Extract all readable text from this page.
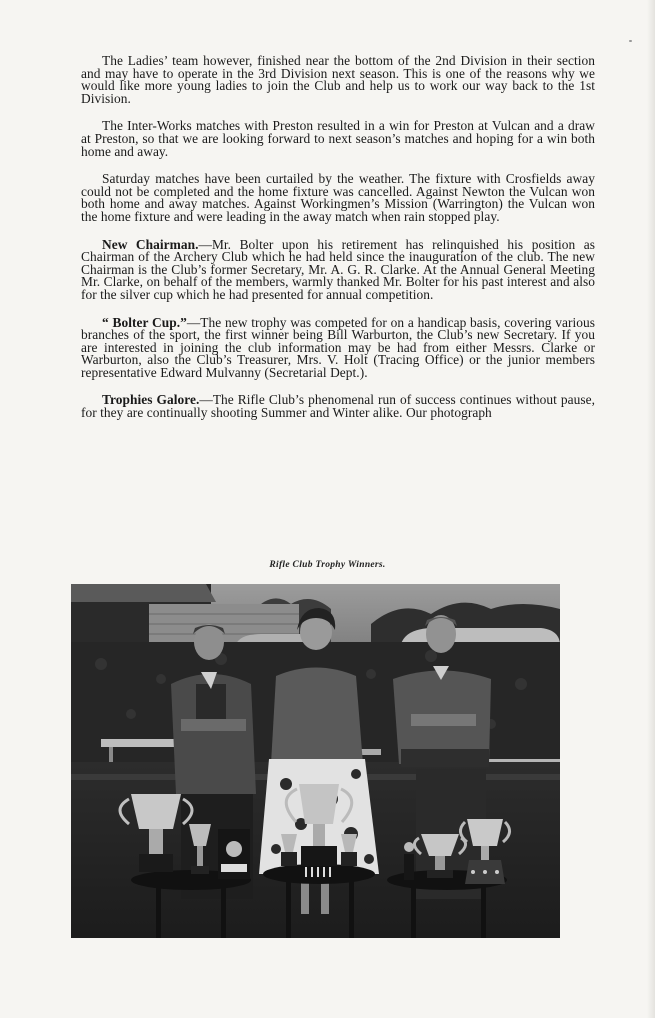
The Ladies’ team however, finished near the bottom of the 2nd Division in their section and may have to operate in the 3rd Division next season. This is one of the reasons why we would like more young ladies to join the Club and help us to work our way back to the 1st Division.

The Inter-Works matches with Preston resulted in a win for Preston at Vulcan and a draw at Preston, so that we are looking forward to next season’s matches and hoping for a win both home and away.

Saturday matches have been curtailed by the weather. The fixture with Crosfields away could not be completed and the home fixture was cancelled. Against Newton the Vulcan won both home and away matches. Against Workingmen’s Mission (Warrington) the Vulcan won the home fixture and were leading in the away match when rain stopped play.

New Chairman.—Mr. Bolter upon his retirement has relinquished his position as Chairman of the Archery Club which he had held since the inauguration of the club. The new Chairman is the Club’s former Secretary, Mr. A. G. R. Clarke. At the Annual General Meeting Mr. Clarke, on behalf of the members, warmly thanked Mr. Bolter for his past interest and also for the silver cup which he had presented for annual competition.

“ Bolter Cup.”—The new trophy was competed for on a handicap basis, covering various branches of the sport, the first winner being Bill Warburton, the Club’s new Secretary. If you are interested in joining the club information may be had from either Messrs. Clarke or Warburton, also the Club’s Treasurer, Mrs. V. Holt (Tracing Office) or the junior members representative Edward Mulvanny (Secretarial Dept.).

Trophies Galore.—The Rifle Club’s phenomenal run of success continues without pause, for they are continually shooting Summer and Winter alike. Our photograph

Rifle Club Trophy Winners.
